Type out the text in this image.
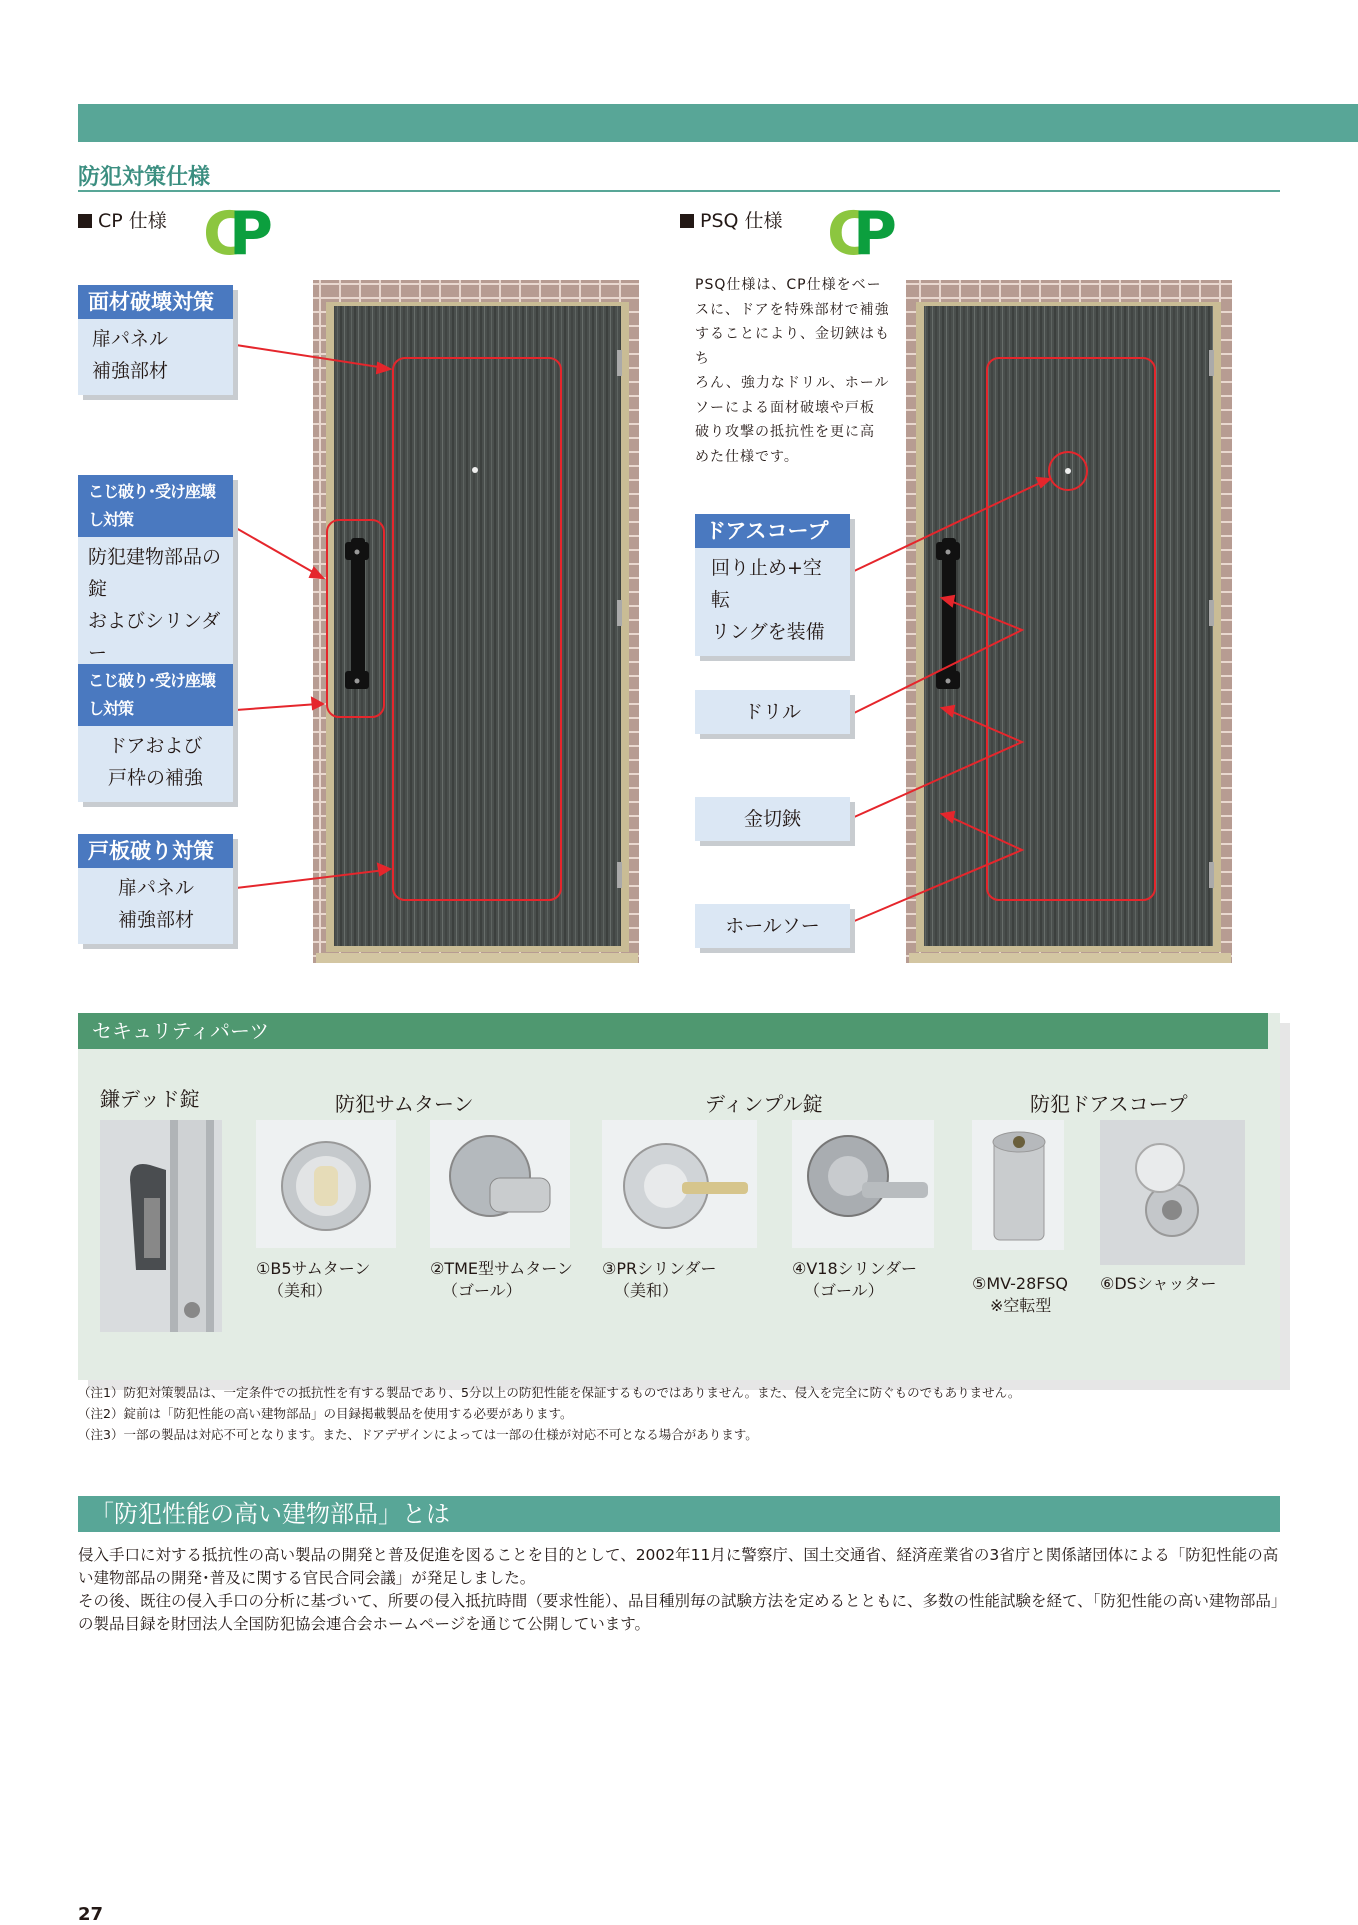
防犯対策仕様
CP 仕様 CP	PSQ 仕様 CP
面材破壊対策
扉パネル
補強部材
こじ破り･受け座壊し対策
防犯建物部品の錠
およびシリンダー
こじ破り･受け座壊し対策
ドアおよび
戸枠の補強
戸板破り対策
扉パネル
補強部材
PSQ仕様は、CP仕様をベー
スに、ドアを特殊部材で補強
することにより、金切鋏はもち
ろん、強力なドリル、ホール
ソーによる面材破壊や戸板
破り攻撃の抵抗性を更に高
めた仕様です。
ドアスコープ
回り止め+空転
リングを装備
ドリル
金切鋏
ホールソー
セキュリティパーツ
鎌デッド錠	防犯サムターン	ディンプル錠	防犯ドアスコープ
①B5サムターン
（美和）
②TME型サムターン
（ゴール）
③PRシリンダー
（美和）
④V18シリンダー
（ゴール）	⑤MV-28FSQ
※空転型
⑥DSシャッター
（注1）防犯対策製品は、一定条件での抵抗性を有する製品であり、5分以上の防犯性能を保証するものではありません。また、侵入を完全に防ぐものでもありません。
（注2）錠前は「防犯性能の高い建物部品」の目録掲載製品を使用する必要があります。
（注3）一部の製品は対応不可となります。また、ドアデザインによっては一部の仕様が対応不可となる場合があります。
「防犯性能の高い建物部品」とは
侵入手口に対する抵抗性の高い製品の開発と普及促進を図ることを目的として、2002年11月に警察庁、国土交通省、経済産業省の3省庁と関係諸団体による「防犯性能の高い建物部品の開発･普及に関する官民合同会議」が発足しました。
その後、既往の侵入手口の分析に基づいて、所要の侵入抵抗時間（要求性能）、品目種別毎の試験方法を定めるとともに、多数の性能試験を経て、「防犯性能の高い建物部品」の製品目録を財団法人全国防犯協会連合会ホームページを通じて公開しています。
27
